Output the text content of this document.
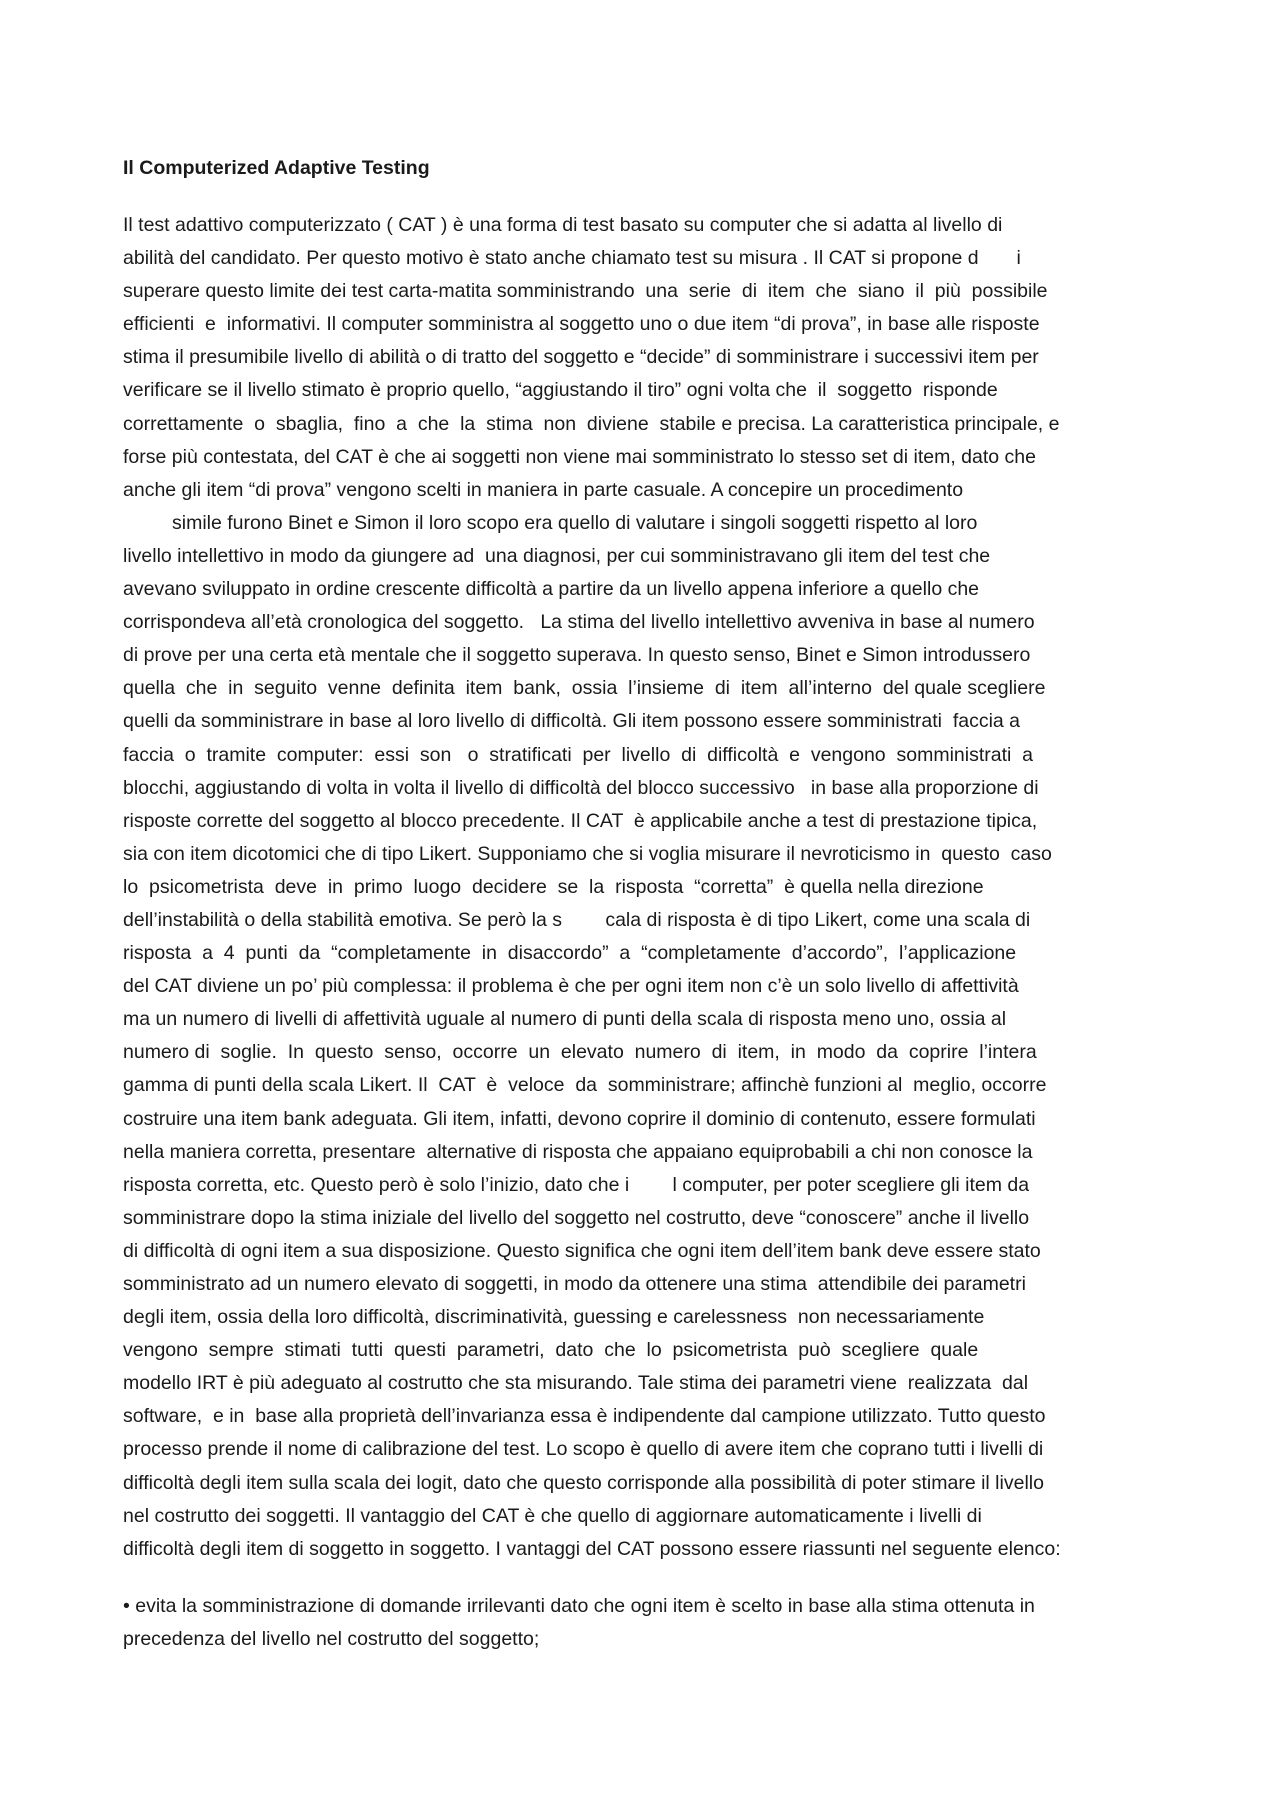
Il Computerized Adaptive Testing
Il test adattivo computerizzato ( CAT ) è una forma di test basato su computer che si adatta al livello di
abilità del candidato. Per questo motivo è stato anche chiamato test su misura . Il CAT si propone d       i
superare questo limite dei test carta-matita somministrando  una  serie  di  item  che  siano  il  più  possibile
efficienti  e  informativi. Il computer somministra al soggetto uno o due item “di prova”, in base alle risposte
stima il presumibile livello di abilità o di tratto del soggetto e “decide” di somministrare i successivi item per
verificare se il livello stimato è proprio quello, “aggiustando il tiro” ogni volta che  il  soggetto  risponde
correttamente  o  sbaglia,  fino  a  che  la  stima  non  diviene  stabile e precisa. La caratteristica principale, e
forse più contestata, del CAT è che ai soggetti non viene mai somministrato lo stesso set di item, dato che
anche gli item “di prova” vengono scelti in maniera in parte casuale. A concepire un procedimento
simile furono Binet e Simon il loro scopo era quello di valutare i singoli soggetti rispetto al loro
livello intellettivo in modo da giungere ad  una diagnosi, per cui somministravano gli item del test che
avevano sviluppato in ordine crescente difficoltà a partire da un livello appena inferiore a quello che
corrispondeva all’età cronologica del soggetto.   La stima del livello intellettivo avveniva in base al numero
di prove per una certa età mentale che il soggetto superava. In questo senso, Binet e Simon introdussero
quella  che  in  seguito  venne  definita  item  bank,  ossia  l’insieme  di  item  all’interno  del quale scegliere
quelli da somministrare in base al loro livello di difficoltà. Gli item possono essere somministrati  faccia a
faccia  o  tramite  computer:  essi  son   o  stratificati  per  livello  di  difficoltà  e  vengono  somministrati  a
blocchi, aggiustando di volta in volta il livello di difficoltà del blocco successivo   in base alla proporzione di
risposte corrette del soggetto al blocco precedente. Il CAT  è applicabile anche a test di prestazione tipica,
sia con item dicotomici che di tipo Likert. Supponiamo che si voglia misurare il nevroticismo in  questo  caso
lo  psicometrista  deve  in  primo  luogo  decidere  se  la  risposta  “corretta”  è quella nella direzione
dell’instabilità o della stabilità emotiva. Se però la s        cala di risposta è di tipo Likert, come una scala di
risposta  a  4  punti  da  “completamente  in  disaccordo”  a  “completamente  d’accordo”,  l’applicazione
del CAT diviene un po’ più complessa: il problema è che per ogni item non c’è un solo livello di affettività
ma un numero di livelli di affettività uguale al numero di punti della scala di risposta meno uno, ossia al
numero di  soglie.  In  questo  senso,  occorre  un  elevato  numero  di  item,  in  modo  da  coprire  l’intera
gamma di punti della scala Likert. Il  CAT  è  veloce  da  somministrare; affinchè funzioni al  meglio, occorre
costruire una item bank adeguata. Gli item, infatti, devono coprire il dominio di contenuto, essere formulati
nella maniera corretta, presentare  alternative di risposta che appaiano equiprobabili a chi non conosce la
risposta corretta, etc. Questo però è solo l’inizio, dato che i        l computer, per poter scegliere gli item da
somministrare dopo la stima iniziale del livello del soggetto nel costrutto, deve “conoscere” anche il livello
di difficoltà di ogni item a sua disposizione. Questo significa che ogni item dell’item bank deve essere stato
somministrato ad un numero elevato di soggetti, in modo da ottenere una stima  attendibile dei parametri
degli item, ossia della loro difficoltà, discriminatività, guessing e carelessness  non necessariamente
vengono  sempre  stimati  tutti  questi  parametri,  dato  che  lo  psicometrista  può  scegliere  quale
modello IRT è più adeguato al costrutto che sta misurando. Tale stima dei parametri viene  realizzata  dal
software,  e in  base alla proprietà dell’invarianza essa è indipendente dal campione utilizzato. Tutto questo
processo prende il nome di calibrazione del test. Lo scopo è quello di avere item che coprano tutti i livelli di
difficoltà degli item sulla scala dei logit, dato che questo corrisponde alla possibilità di poter stimare il livello
nel costrutto dei soggetti. Il vantaggio del CAT è che quello di aggiornare automaticamente i livelli di
difficoltà degli item di soggetto in soggetto. I vantaggi del CAT possono essere riassunti nel seguente elenco:
• evita la somministrazione di domande irrilevanti dato che ogni item è scelto in base alla stima ottenuta in
precedenza del livello nel costrutto del soggetto;
